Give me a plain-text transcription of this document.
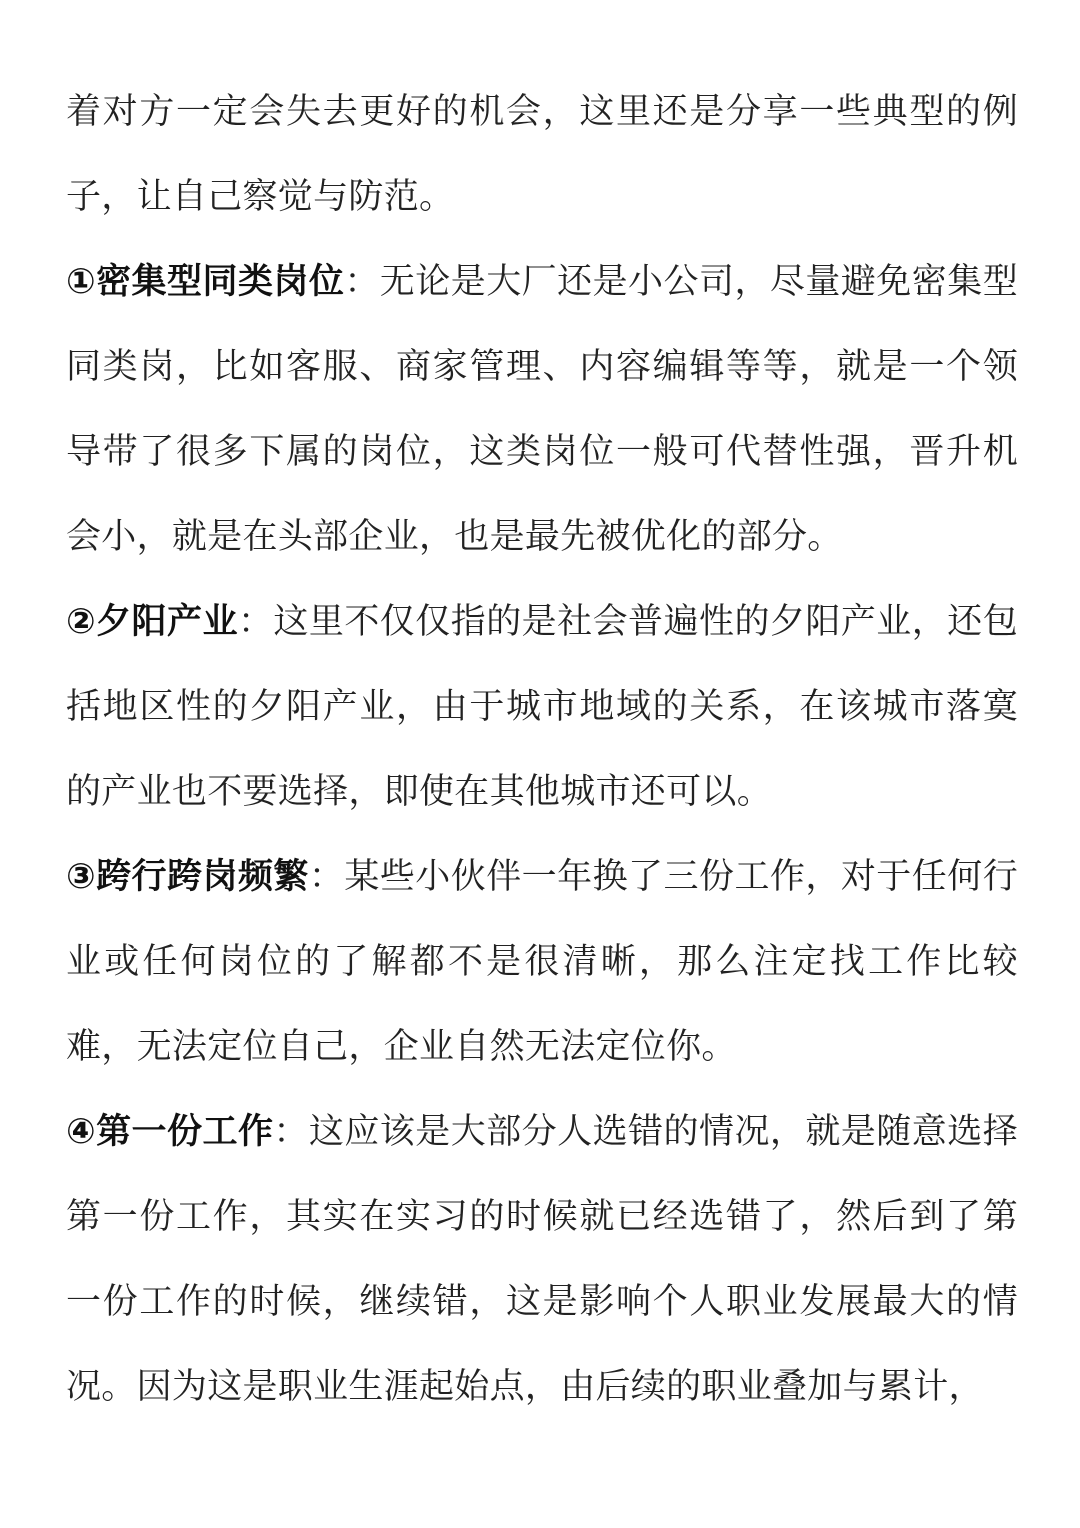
着对方一定会失去更好的机会，这里还是分享一些典型的例子，让自己察觉与防范。

①密集型同类岗位：无论是大厂还是小公司，尽量避免密集型同类岗，比如客服、商家管理、内容编辑等等，就是一个领导带了很多下属的岗位，这类岗位一般可代替性强，晋升机会小，就是在头部企业，也是最先被优化的部分。

②夕阳产业：这里不仅仅指的是社会普遍性的夕阳产业，还包括地区性的夕阳产业，由于城市地域的关系，在该城市落寞的产业也不要选择，即使在其他城市还可以。

③跨行跨岗频繁：某些小伙伴一年换了三份工作，对于任何行业或任何岗位的了解都不是很清晰，那么注定找工作比较难，无法定位自己，企业自然无法定位你。

④第一份工作：这应该是大部分人选错的情况，就是随意选择第一份工作，其实在实习的时候就已经选错了，然后到了第一份工作的时候，继续错，这是影响个人职业发展最大的情况。因为这是职业生涯起始点，由后续的职业叠加与累计，
